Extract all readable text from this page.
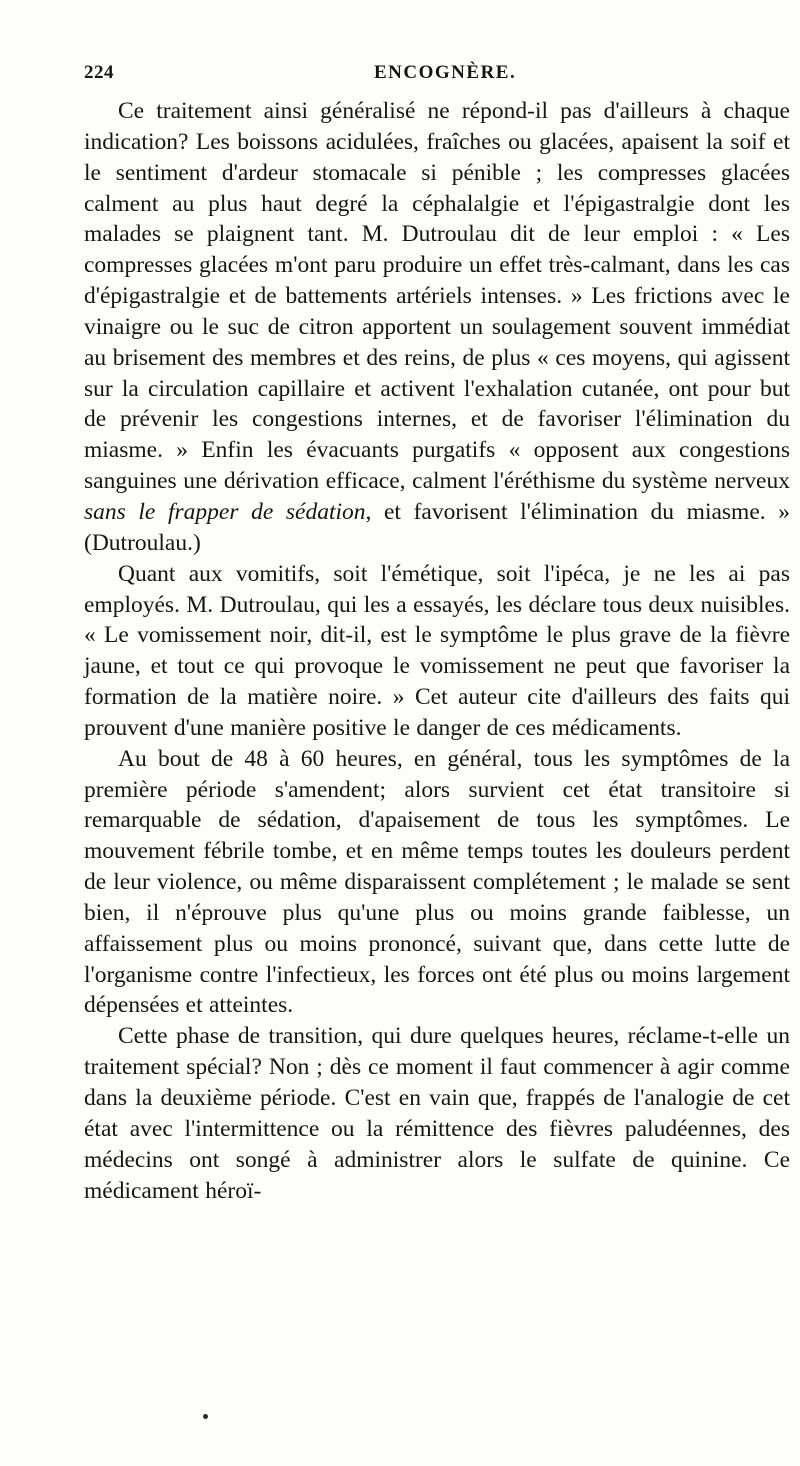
224	ENCOGNÈRE.

Ce traitement ainsi généralisé ne répond-il pas d'ailleurs à chaque indication? Les boissons acidulées, fraîches ou glacées, apaisent la soif et le sentiment d'ardeur stomacale si pénible ; les compresses glacées calment au plus haut degré la céphalalgie et l'épigastralgie dont les malades se plaignent tant. M. Dutroulau dit de leur emploi : « Les compresses glacées m'ont paru produire un effet très-calmant, dans les cas d'épigastralgie et de battements artériels intenses. » Les frictions avec le vinaigre ou le suc de citron apportent un soulagement souvent immédiat au brisement des membres et des reins, de plus « ces moyens, qui agissent sur la circulation capillaire et activent l'exhalation cutanée, ont pour but de prévenir les congestions internes, et de favoriser l'élimination du miasme. » Enfin les évacuants purgatifs « opposent aux congestions sanguines une dérivation efficace, calment l'éréthisme du système nerveux sans le frapper de sédation, et favorisent l'élimination du miasme. » (Dutroulau.)

Quant aux vomitifs, soit l'émétique, soit l'ipéca, je ne les ai pas employés. M. Dutroulau, qui les a essayés, les déclare tous deux nuisibles. « Le vomissement noir, dit-il, est le symptôme le plus grave de la fièvre jaune, et tout ce qui provoque le vomissement ne peut que favoriser la formation de la matière noire. » Cet auteur cite d'ailleurs des faits qui prouvent d'une manière positive le danger de ces médicaments.

Au bout de 48 à 60 heures, en général, tous les symptômes de la première période s'amendent; alors survient cet état transitoire si remarquable de sédation, d'apaisement de tous les symptômes. Le mouvement fébrile tombe, et en même temps toutes les douleurs perdent de leur violence, ou même disparaissent complétement ; le malade se sent bien, il n'éprouve plus qu'une plus ou moins grande faiblesse, un affaissement plus ou moins prononcé, suivant que, dans cette lutte de l'organisme contre l'infectieux, les forces ont été plus ou moins largement dépensées et atteintes.

Cette phase de transition, qui dure quelques heures, réclame-t-elle un traitement spécial? Non ; dès ce moment il faut commencer à agir comme dans la deuxième période. C'est en vain que, frappés de l'analogie de cet état avec l'intermittence ou la rémittence des fièvres paludéennes, des médecins ont songé à administrer alors le sulfate de quinine. Ce médicament héroï-
